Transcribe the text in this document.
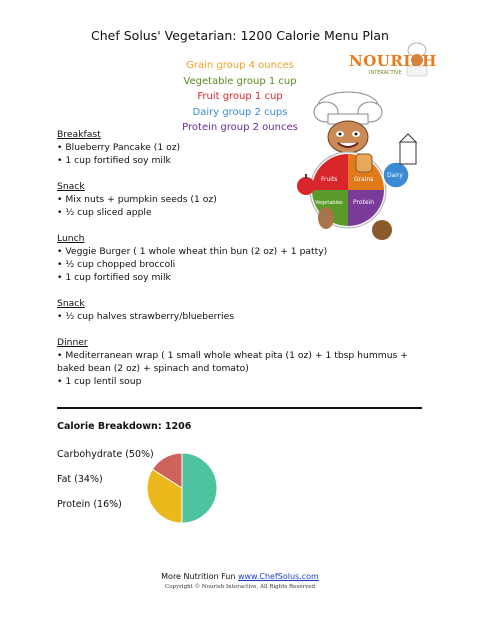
Chef Solus' Vegetarian: 1200 Calorie Menu Plan
Grain group 4 ounces
Vegetable group 1 cup
Fruit group 1 cup
Dairy group 2 cups
Protein group 2 ounces
NOURISH
INTERACTIVE
Fruits	Grains
Vegetables Protein
Dairy
Breakfast
• Blueberry Pancake (1 oz)
• 1 cup fortified soy milk
Snack
• Mix nuts + pumpkin seeds (1 oz)
• ½ cup sliced apple
Lunch
• Veggie Burger ( 1 whole wheat thin bun (2 oz) + 1 patty)
• ½ cup chopped broccoli
• 1 cup fortified soy milk
Snack
• ½ cup halves strawberry/blueberries
Dinner
• Mediterranean wrap ( 1 small whole wheat pita (1 oz) + 1 tbsp hummus + baked bean (2 oz) + spinach and tomato)
• 1 cup lentil soup
Calorie Breakdown: 1206
Carbohydrate (50%)
Fat (34%)
Protein (16%)
More Nutrition Fun www.ChefSolus.com
Copyright © Nourish Interactive, All Rights Reserved
